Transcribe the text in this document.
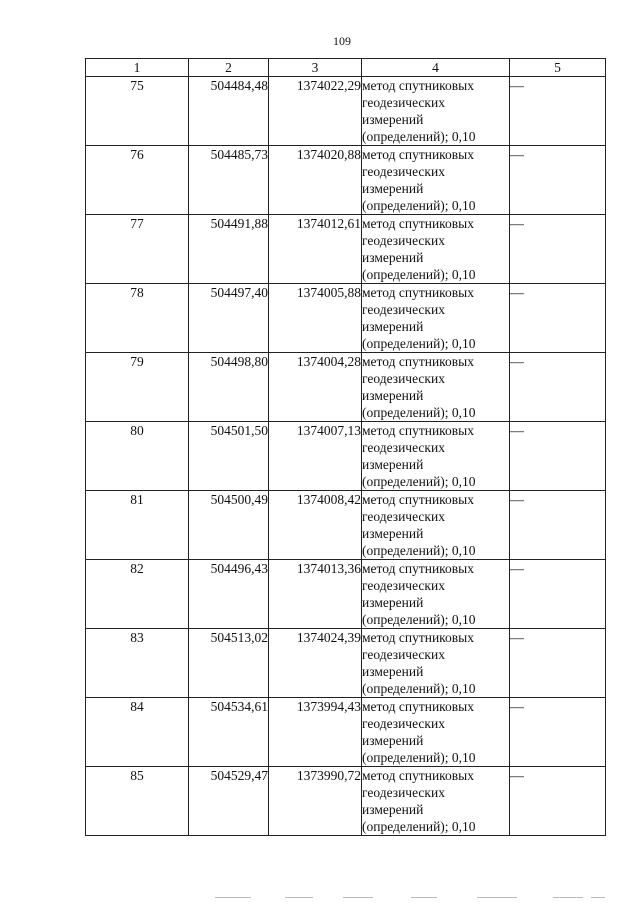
109
1	2	3	4	5
75	504484,48	1374022,29	метод спутниковых
геодезических
измерений
(определений); 0,10	—
76	504485,73	1374020,88	метод спутниковых
геодезических
измерений
(определений); 0,10	—
77	504491,88	1374012,61	метод спутниковых
геодезических
измерений
(определений); 0,10	—
78	504497,40	1374005,88	метод спутниковых
геодезических
измерений
(определений); 0,10	—
79	504498,80	1374004,28	метод спутниковых
геодезических
измерений
(определений); 0,10	—
80	504501,50	1374007,13	метод спутниковых
геодезических
измерений
(определений); 0,10	—
81	504500,49	1374008,42	метод спутниковых
геодезических
измерений
(определений); 0,10	—
82	504496,43	1374013,36	метод спутниковых
геодезических
измерений
(определений); 0,10	—
83	504513,02	1374024,39	метод спутниковых
геодезических
измерений
(определений); 0,10	—
84	504534,61	1373994,43	метод спутниковых
геодезических
измерений
(определений); 0,10	—
85	504529,47	1373990,72	метод спутниковых
геодезических
измерений
(определений); 0,10	—
